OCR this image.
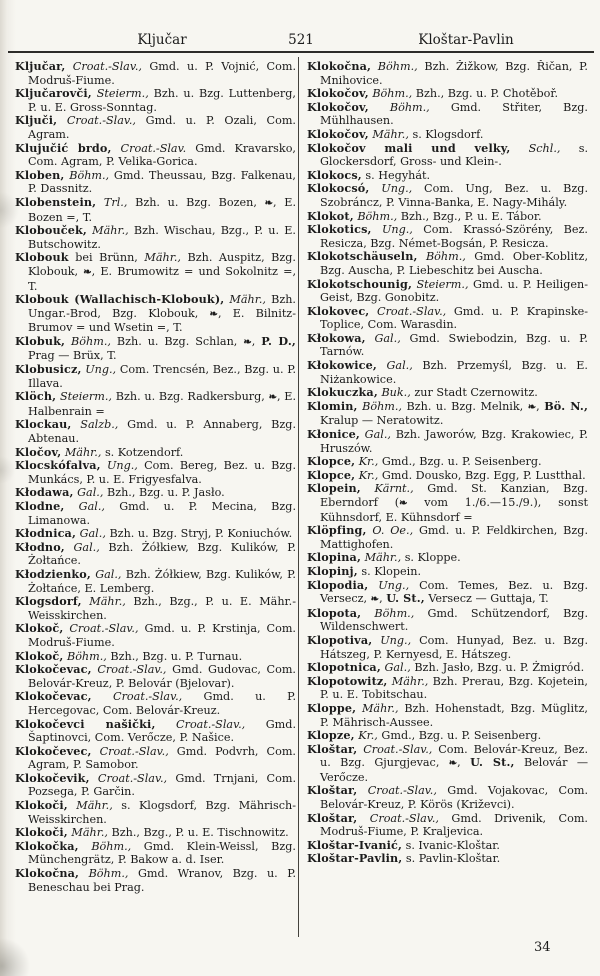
Ključar	521	Kloštar-Pavlin

Ključar, Croat.-Slav., Gmd. u. P. Vojnić, Com. Modruš-Fiume.

Ključarovči, Steierm., Bzh. u. Bzg. Luttenberg, P. u. E. Gross-Sonntag.

Ključi, Croat.-Slav., Gmd. u. P. Ozali, Com. Agram.

Klujučić brdo, Croat.-Slav. Gmd. Kravarsko, Com. Agram, P. Velika-Gorica.

Kloben, Böhm., Gmd. Theussau, Bzg. Falkenau, P. Dassnitz.

Klobenstein, Trl., Bzh. u. Bzg. Bozen, ❧, E. Bozen =, T.

Klobouček, Mähr., Bzh. Wischau, Bzg., P. u. E. Butschowitz.

Klobouk bei Brünn, Mähr., Bzh. Auspitz, Bzg. Klobouk, ❧, E. Brumowitz = und Sokolnitz =, T.

Klobouk (Wallachisch-Klobouk), Mähr., Bzh. Ungar.-Brod, Bzg. Klobouk, ❧, E. Bilnitz-Brumov = und Wsetin =, T.

Klobuk, Böhm., Bzh. u. Bzg. Schlan, ❧, P. D., Prag — Brüx, T.

Klobusicz, Ung., Com. Trencsén, Bez., Bzg. u. P. Illava.

Klöch, Steierm., Bzh. u. Bzg. Radkersburg, ❧, E. Halbenrain =

Klockau, Salzb., Gmd. u. P. Annaberg, Bzg. Abtenau.

Kločov, Mähr., s. Kotzendorf.

Klocskófalva, Ung., Com. Bereg, Bez. u. Bzg. Munkács, P. u. E. Frigyesfalva.

Kłodawa, Gal., Bzh., Bzg. u. P. Jasło.

Klodne, Gal., Gmd. u. P. Mecina, Bzg. Limanowa.

Kłodnica, Gal., Bzh. u. Bzg. Stryj, P. Koniuchów.

Kłodno, Gal., Bzh. Żółkiew, Bzg. Kulików, P. Żołtańce.

Kłodzienko, Gal., Bzh. Żółkiew, Bzg. Kulików, P. Żołtańce, E. Lemberg.

Klogsdorf, Mähr., Bzh., Bzg., P. u. E. Mähr.-Weisskirchen.

Klokoč, Croat.-Slav., Gmd. u. P. Krstinja, Com. Modruš-Fiume.

Klokoč, Böhm., Bzh., Bzg. u. P. Turnau.

Klokočevac, Croat.-Slav., Gmd. Gudovac, Com. Belovár-Kreuz, P. Belovár (Bjelovar).

Klokočevac, Croat.-Slav., Gmd. u. P. Hercegovac, Com. Belovár-Kreuz.

Klokočevci našički, Croat.-Slav., Gmd. Šaptinovci, Com. Verőcze, P. Našice.

Klokočevec, Croat.-Slav., Gmd. Podvrh, Com. Agram, P. Samobor.

Klokočevik, Croat.-Slav., Gmd. Trnjani, Com. Pozsega, P. Garčin.

Klokoči, Mähr., s. Klogsdorf, Bzg. Mährisch-Weisskirchen.

Klokoči, Mähr., Bzh., Bzg., P. u. E. Tischnowitz.

Klokočka, Böhm., Gmd. Klein-Weissl, Bzg. Münchengrätz, P. Bakow a. d. Iser.

Klokočna, Böhm., Gmd. Wranov, Bzg. u. P. Beneschau bei Prag.

Klokočna, Böhm., Bzh. Žižkow, Bzg. Řičan, P. Mnihovice.

Klokočov, Böhm., Bzh., Bzg. u. P. Chotěboř.

Klokočov, Böhm., Gmd. Střiter, Bzg. Mühlhausen.

Klokočov, Mähr., s. Klogsdorf.

Klokočov mali und velky, Schl., s. Glockersdorf, Gross- und Klein-.

Klokocs, s. Hegyhát.

Klokocsó, Ung., Com. Ung, Bez. u. Bzg. Szobráncz, P. Vinna-Banka, E. Nagy-Mihály.

Klokot, Böhm., Bzh., Bzg., P. u. E. Tábor.

Klokotics, Ung., Com. Krassó-Szörény, Bez. Resicza, Bzg. Német-Bogsán, P. Resicza.

Klokotschäuseln, Böhm., Gmd. Ober-Koblitz, Bzg. Auscha, P. Liebeschitz bei Auscha.

Klokotschounig, Steierm., Gmd. u. P. Heiligen-Geist, Bzg. Gonobitz.

Klokovec, Croat.-Slav., Gmd. u. P. Krapinske-Toplice, Com. Warasdin.

Kłokowa, Gal., Gmd. Swiebodzin, Bzg. u. P. Tarnów.

Kłokowice, Gal., Bzh. Przemyśl, Bzg. u. E. Niżankowice.

Klokuczka, Buk., zur Stadt Czernowitz.

Klomin, Böhm., Bzh. u. Bzg. Melnik, ❧, Bö. N., Kralup — Neratowitz.

Kłonice, Gal., Bzh. Jaworów, Bzg. Krakowiec, P. Hruszów.

Klopce, Kr., Gmd., Bzg. u. P. Seisenberg.

Klopce, Kr., Gmd. Dousko, Bzg. Egg, P. Lustthal.

Klopein, Kärnt., Gmd. St. Kanzian, Bzg. Eberndorf (❧ vom 1./6.—15./9.), sonst Kühnsdorf, E. Kühnsdorf =

Klöpfing, O. Oe., Gmd. u. P. Feldkirchen, Bzg. Mattighofen.

Klopina, Mähr., s. Kloppe.

Klopinj, s. Klopein.

Klopodia, Ung., Com. Temes, Bez. u. Bzg. Versecz, ❧, U. St., Versecz — Guttaja, T.

Klopota, Böhm., Gmd. Schützendorf, Bzg. Wildenschwert.

Klopotiva, Ung., Com. Hunyad, Bez. u. Bzg. Hátszeg, P. Kernyesd, E. Hátszeg.

Klopotnica, Gal., Bzh. Jasło, Bzg. u. P. Żmigród.

Klopotowitz, Mähr., Bzh. Prerau, Bzg. Kojetein, P. u. E. Tobitschau.

Kloppe, Mähr., Bzh. Hohenstadt, Bzg. Müglitz, P. Mährisch-Aussee.

Klopze, Kr., Gmd., Bzg. u. P. Seisenberg.

Kloštar, Croat.-Slav., Com. Belovár-Kreuz, Bez. u. Bzg. Gjurgjevac, ❧, U. St., Belovár — Verőcze.

Kloštar, Croat.-Slav., Gmd. Vojakovac, Com. Belovár-Kreuz, P. Körös (Križevci).

Kloštar, Croat.-Slav., Gmd. Drivenik, Com. Modruš-Fiume, P. Kraljevica.

Kloštar-Ivanić, s. Ivanic-Kloštar.

Kloštar-Pavlin, s. Pavlin-Kloštar.

34
